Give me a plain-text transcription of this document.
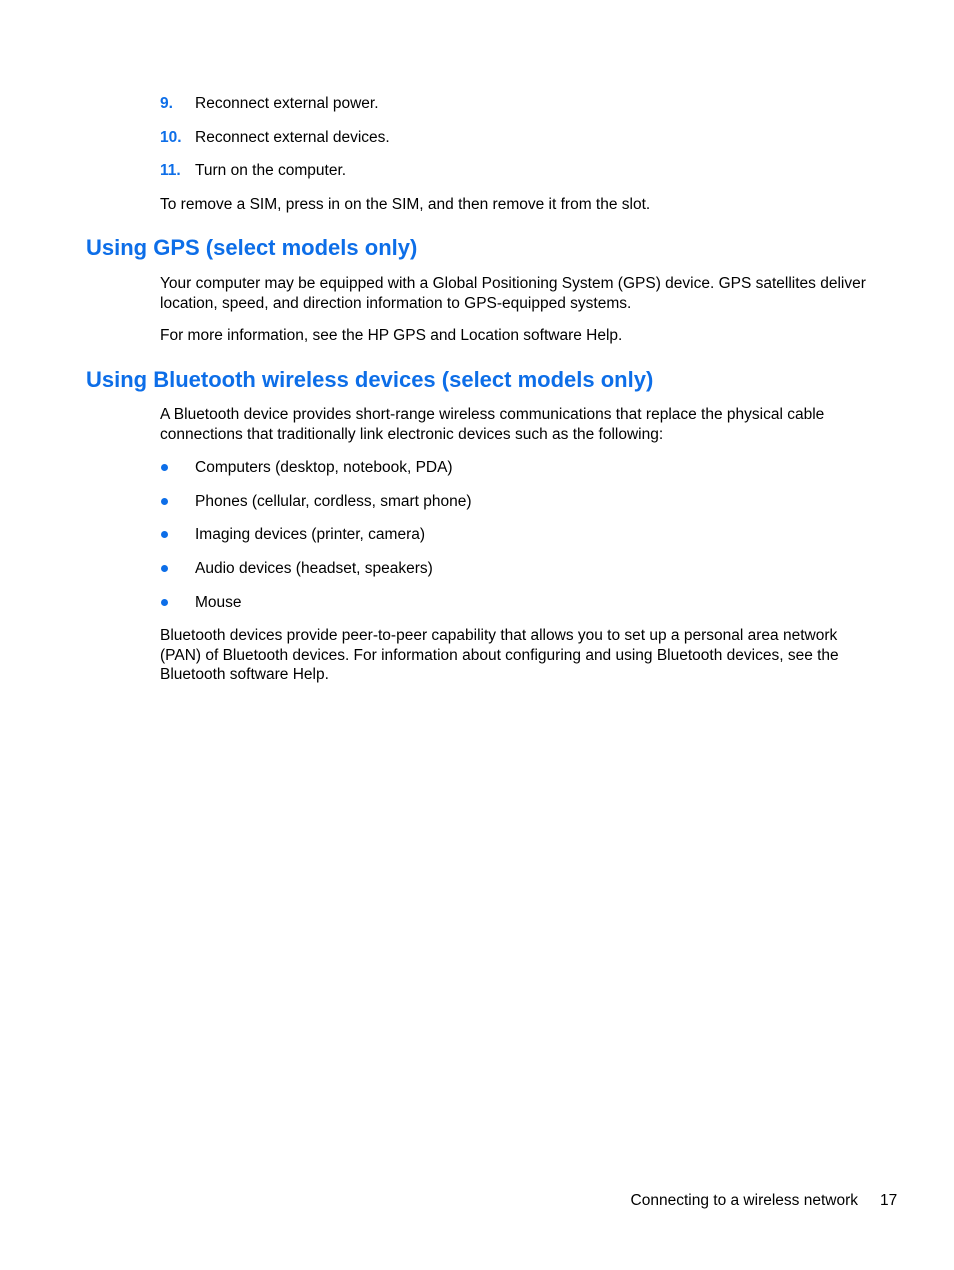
9.	Reconnect external power.
10. Reconnect external devices.
11. Turn on the computer.

To remove a SIM, press in on the SIM, and then remove it from the slot.

Using GPS (select models only)

Your computer may be equipped with a Global Positioning System (GPS) device. GPS satellites deliver location, speed, and direction information to GPS-equipped systems.

For more information, see the HP GPS and Location software Help.

Using Bluetooth wireless devices (select models only)

A Bluetooth device provides short-range wireless communications that replace the physical cable connections that traditionally link electronic devices such as the following:

Computers (desktop, notebook, PDA)
Phones (cellular, cordless, smart phone)
Imaging devices (printer, camera)
Audio devices (headset, speakers)
Mouse

Bluetooth devices provide peer-to-peer capability that allows you to set up a personal area network (PAN) of Bluetooth devices. For information about configuring and using Bluetooth devices, see the Bluetooth software Help.

Connecting to a wireless network 17
